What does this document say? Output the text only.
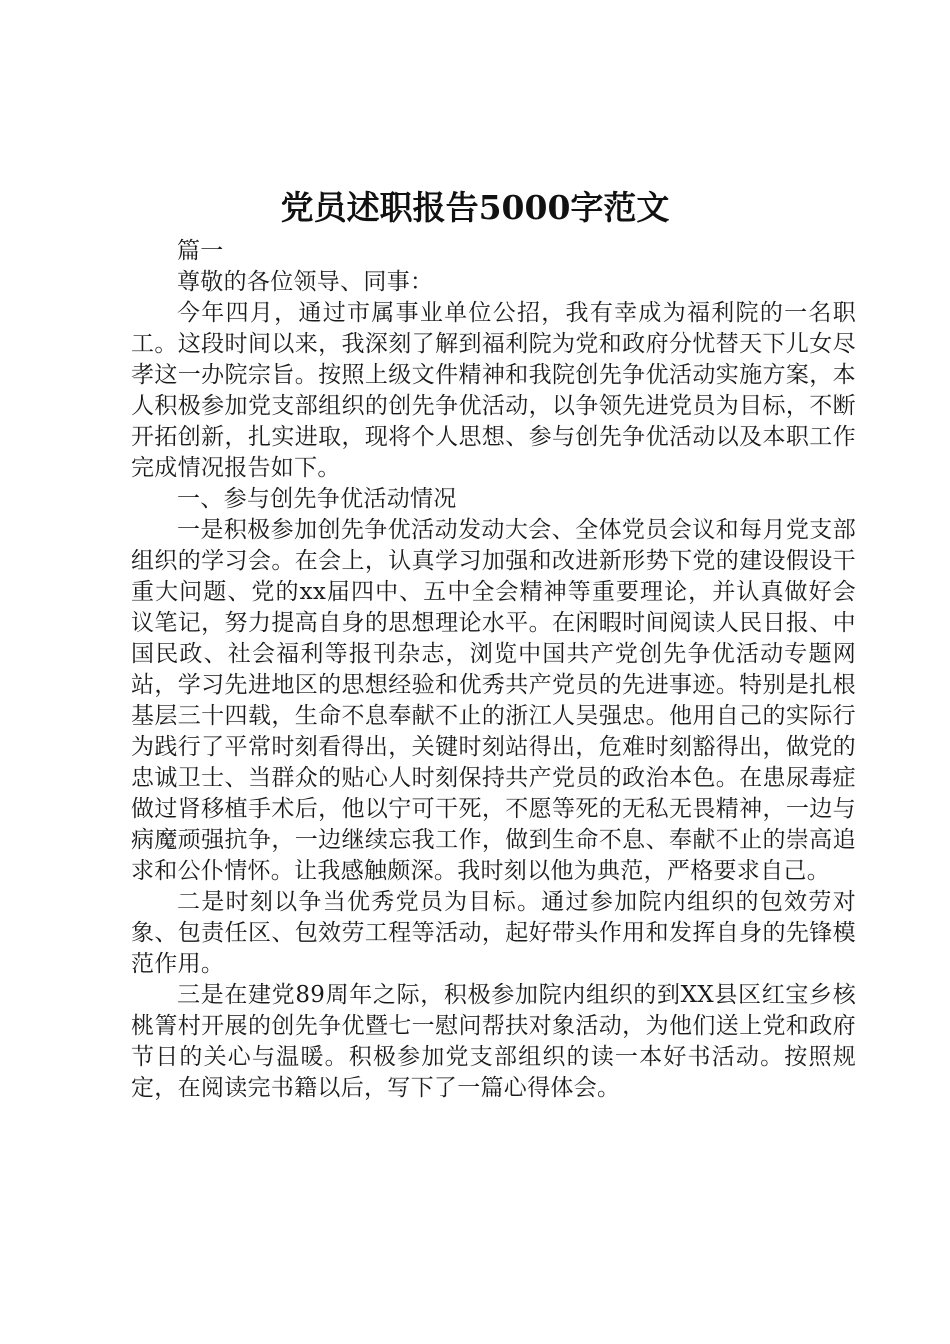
党员述职报告5000字范文

篇一

尊敬的各位领导、同事：

今年四月，通过市属事业单位公招，我有幸成为福利院的一名职工。这段时间以来，我深刻了解到福利院为党和政府分忧替天下儿女尽孝这一办院宗旨。按照上级文件精神和我院创先争优活动实施方案，本人积极参加党支部组织的创先争优活动，以争领先进党员为目标，不断开拓创新，扎实进取，现将个人思想、参与创先争优活动以及本职工作完成情况报告如下。

一、参与创先争优活动情况

一是积极参加创先争优活动发动大会、全体党员会议和每月党支部组织的学习会。在会上，认真学习加强和改进新形势下党的建设假设干重大问题、党的xx届四中、五中全会精神等重要理论，并认真做好会议笔记，努力提高自身的思想理论水平。在闲暇时间阅读人民日报、中国民政、社会福利等报刊杂志，浏览中国共产党创先争优活动专题网站，学习先进地区的思想经验和优秀共产党员的先进事迹。特别是扎根基层三十四载，生命不息奉献不止的浙江人吴强忠。他用自己的实际行为践行了平常时刻看得出，关键时刻站得出，危难时刻豁得出，做党的忠诚卫士、当群众的贴心人时刻保持共产党员的政治本色。在患尿毒症做过肾移植手术后，他以宁可干死，不愿等死的无私无畏精神，一边与病魔顽强抗争，一边继续忘我工作，做到生命不息、奉献不止的崇高追求和公仆情怀。让我感触颇深。我时刻以他为典范，严格要求自己。

二是时刻以争当优秀党员为目标。通过参加院内组织的包效劳对象、包责任区、包效劳工程等活动，起好带头作用和发挥自身的先锋模范作用。

三是在建党89周年之际，积极参加院内组织的到XX县区红宝乡核桃箐村开展的创先争优暨七一慰问帮扶对象活动，为他们送上党和政府节日的关心与温暖。积极参加党支部组织的读一本好书活动。按照规定，在阅读完书籍以后，写下了一篇心得体会。
